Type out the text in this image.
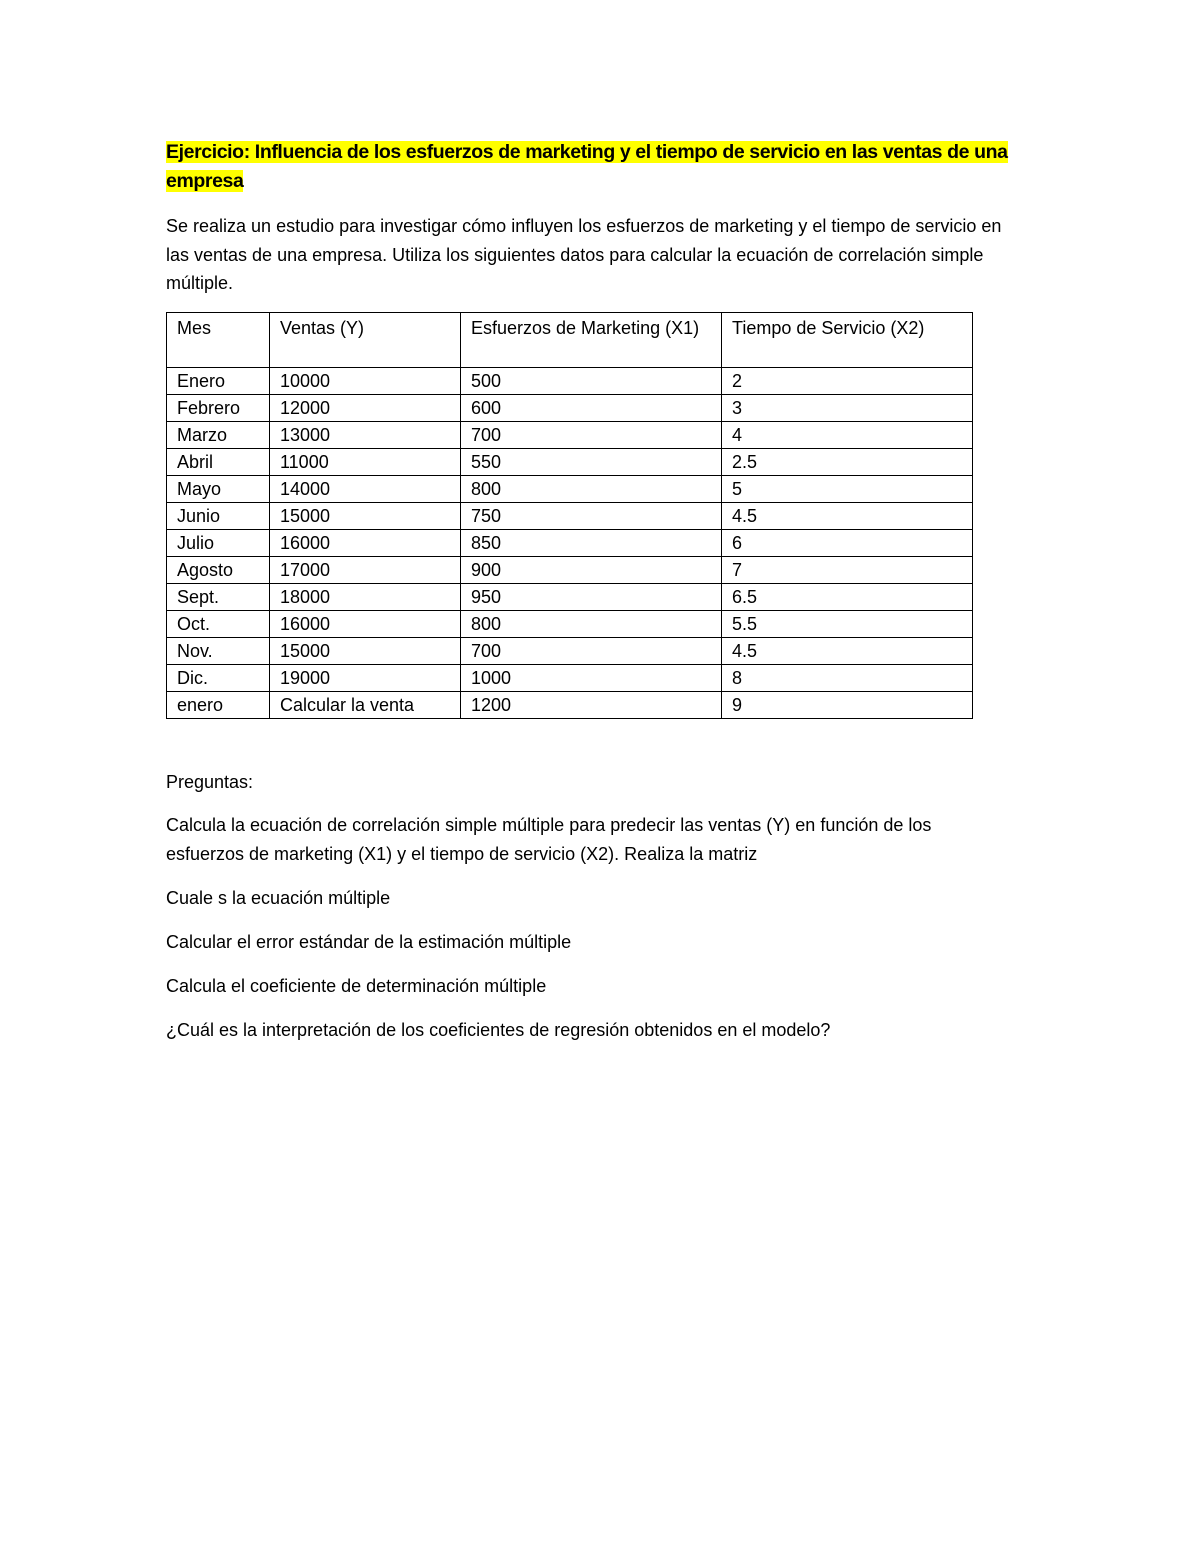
Ejercicio: Influencia de los esfuerzos de marketing y el tiempo de servicio en las ventas de una empresa

Se realiza un estudio para investigar cómo influyen los esfuerzos de marketing y el tiempo de servicio en las ventas de una empresa. Utiliza los siguientes datos para calcular la ecuación de correlación simple múltiple.

Mes	Ventas (Y)	Esfuerzos de Marketing (X1)	Tiempo de Servicio (X2)
Enero	10000	500	2
Febrero	12000	600	3
Marzo	13000	700	4
Abril	11000	550	2.5
Mayo	14000	800	5
Junio	15000	750	4.5
Julio	16000	850	6
Agosto	17000	900	7
Sept.	18000	950	6.5
Oct.	16000	800	5.5
Nov.	15000	700	4.5
Dic.	19000	1000	8
enero	Calcular la venta	1200	9

Preguntas:

Calcula la ecuación de correlación simple múltiple para predecir las ventas (Y) en función de los esfuerzos de marketing (X1) y el tiempo de servicio (X2). Realiza la matriz

Cuale s la ecuación múltiple

Calcular el error estándar de la estimación múltiple

Calcula el coeficiente de determinación múltiple

¿Cuál es la interpretación de los coeficientes de regresión obtenidos en el modelo?
